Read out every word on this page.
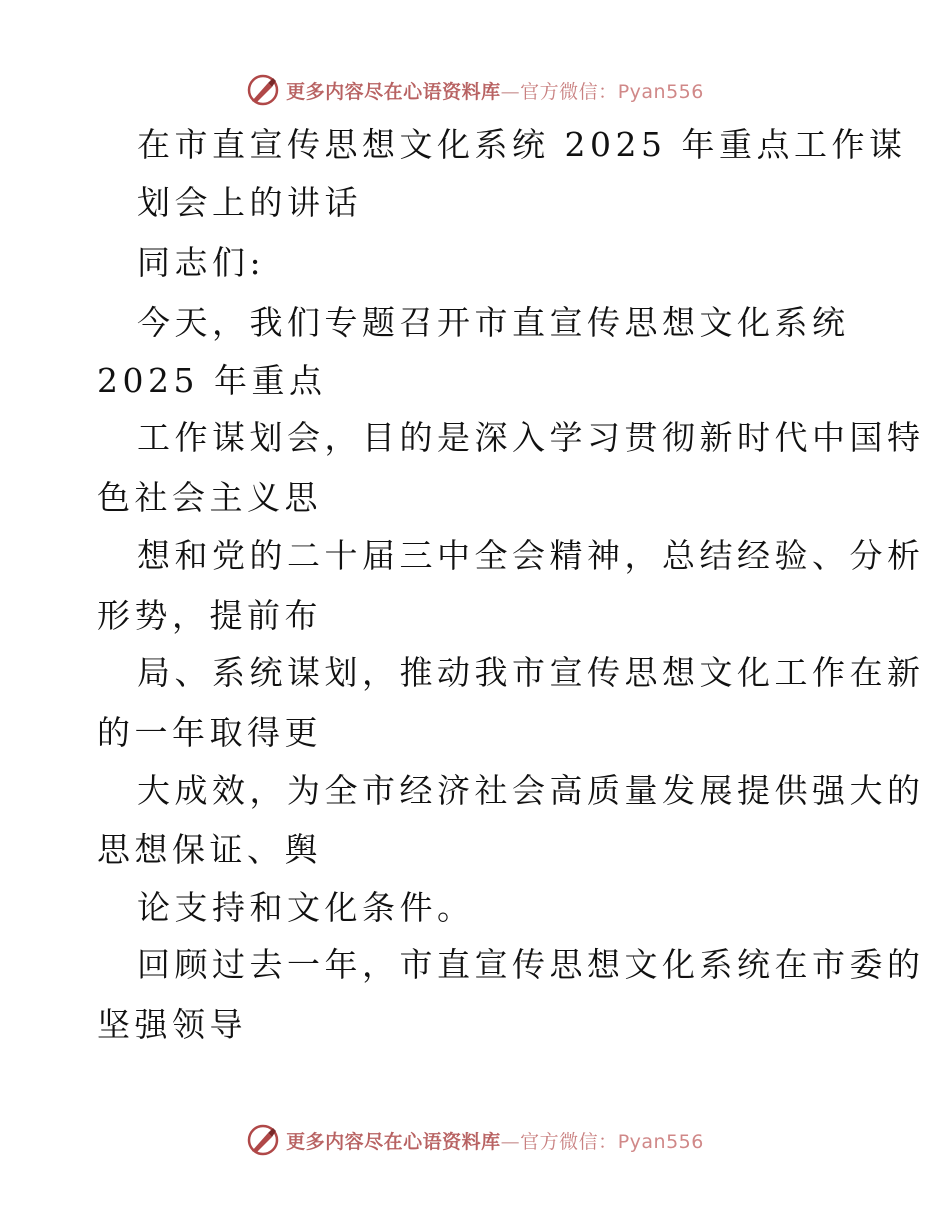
更多内容尽在心语资料库—官方微信：Pyan556
在市直宣传思想文化系统 2025 年重点工作谋
划会上的讲话
同志们:
今天，我们专题召开市直宣传思想文化系统
2025 年重点
工作谋划会，目的是深入学习贯彻新时代中国特
色社会主义思
想和党的二十届三中全会精神，总结经验、分析
形势，提前布
局、系统谋划，推动我市宣传思想文化工作在新
的一年取得更
大成效，为全市经济社会高质量发展提供强大的
思想保证、舆
论支持和文化条件。
回顾过去一年，市直宣传思想文化系统在市委的
坚强领导
更多内容尽在心语资料库—官方微信：Pyan556
